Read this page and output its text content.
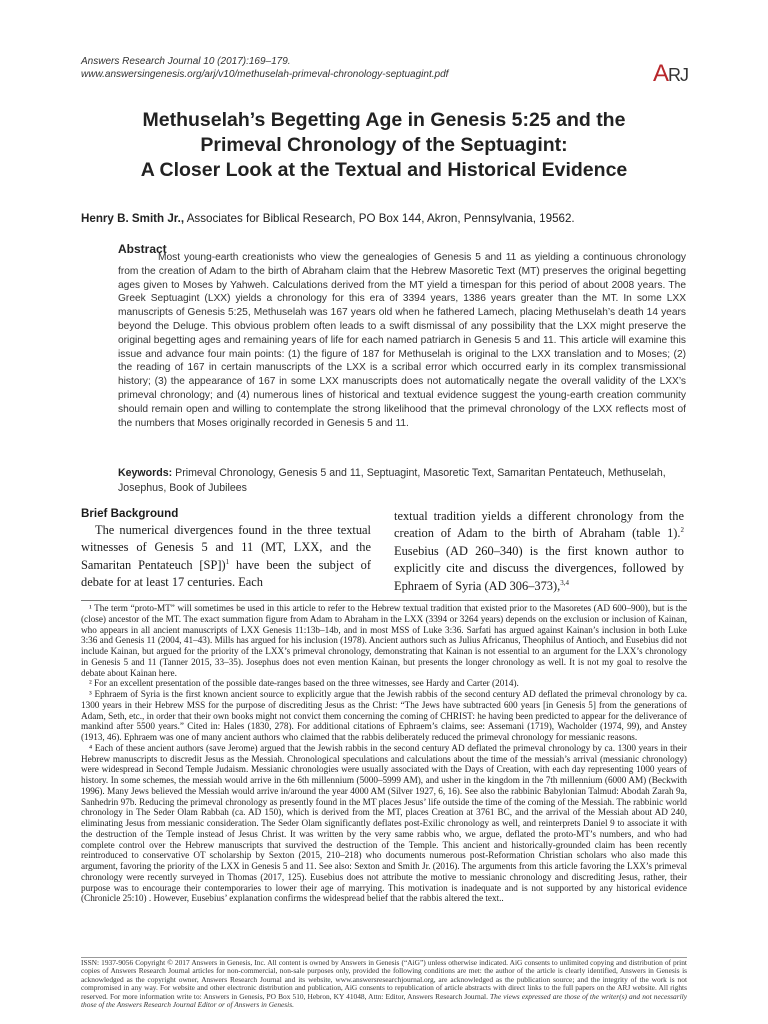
Answers Research Journal 10 (2017):169–179.
www.answersingenesis.org/arj/v10/methuselah-primeval-chronology-septuagint.pdf	ARJ
Methuselah’s Begetting Age in Genesis 5:25 and the
Primeval Chronology of the Septuagint:
A Closer Look at the Textual and Historical Evidence
Henry B. Smith Jr., Associates for Biblical Research, PO Box 144, Akron, Pennsylvania, 19562.
Abstract
Most young-earth creationists who view the genealogies of Genesis 5 and 11 as yielding a continuous chronology from the creation of Adam to the birth of Abraham claim that the Hebrew Masoretic Text (MT) preserves the original begetting ages given to Moses by Yahweh. Calculations derived from the MT yield a timespan for this period of about 2008 years. The Greek Septuagint (LXX) yields a chronology for this era of 3394 years, 1386 years greater than the MT. In some LXX manuscripts of Genesis 5:25, Methuselah was 167 years old when he fathered Lamech, placing Methuselah’s death 14 years beyond the Deluge. This obvious problem often leads to a swift dismissal of any possibility that the LXX might preserve the original begetting ages and remaining years of life for each named patriarch in Genesis 5 and 11. This article will examine this issue and advance four main points: (1) the figure of 187 for Methuselah is original to the LXX translation and to Moses; (2) the reading of 167 in certain manuscripts of the LXX is a scribal error which occurred early in its complex transmissional history; (3) the appearance of 167 in some LXX manuscripts does not automatically negate the overall validity of the LXX’s primeval chronology; and (4) numerous lines of historical and textual evidence suggest the young-earth creation community should remain open and willing to contemplate the strong likelihood that the primeval chronology of the LXX reflects most of the numbers that Moses originally recorded in Genesis 5 and 11.
Keywords: Primeval Chronology, Genesis 5 and 11, Septuagint, Masoretic Text, Samaritan Pentateuch, Methuselah, Josephus, Book of Jubilees
Brief Background

The numerical divergences found in the three textual witnesses of Genesis 5 and 11 (MT, LXX, and the Samaritan Pentateuch [SP])$^1$ have been the subject of debate for at least 17 centuries. Each

textual tradition yields a different chronology from the creation of Adam to the birth of Abraham (table 1).$^2$ Eusebius (AD 260–340) is the first known author to explicitly cite and discuss the divergences, followed by Ephraem of Syria (AD 306–373),$^{3,4}$

¹ The term “proto-MT” will sometimes be used in this article to refer to the Hebrew textual tradition that existed prior to the Masoretes (AD 600–900), but is the (close) ancestor of the MT. The exact summation figure from Adam to Abraham in the LXX (3394 or 3264 years) depends on the exclusion or inclusion of Kainan, who appears in all ancient manuscripts of LXX Genesis 11:13b–14b, and in most MSS of Luke 3:36. Sarfati has argued against Kainan’s inclusion in both Luke 3:36 and Genesis 11 (2004, 41–43). Mills has argued for his inclusion (1978). Ancient authors such as Julius Africanus, Theophilus of Antioch, and Eusebius did not include Kainan, but argued for the priority of the LXX’s primeval chronology, demonstrating that Kainan is not essential to an argument for the LXX’s chronology in Genesis 5 and 11 (Tanner 2015, 33–35). Josephus does not even mention Kainan, but presents the longer chronology as well. It is not my goal to resolve the debate about Kainan here.

² For an excellent presentation of the possible date-ranges based on the three witnesses, see Hardy and Carter (2014).

³ Ephraem of Syria is the first known ancient source to explicitly argue that the Jewish rabbis of the second century AD deflated the primeval chronology by ca. 1300 years in their Hebrew MSS for the purpose of discrediting Jesus as the Christ: “The Jews have subtracted 600 years [in Genesis 5] from the generations of Adam, Seth, etc., in order that their own books might not convict them concerning the coming of CHRIST: he having been predicted to appear for the deliverance of mankind after 5500 years.” Cited in: Hales (1830, 278). For additional citations of Ephraem’s claims, see: Assemani (1719), Wacholder (1974, 99), and Anstey (1913, 46). Ephraem was one of many ancient authors who claimed that the rabbis deliberately reduced the primeval chronology for messianic reasons.

⁴ Each of these ancient authors (save Jerome) argued that the Jewish rabbis in the second century AD deflated the primeval chronology by ca. 1300 years in their Hebrew manuscripts to discredit Jesus as the Messiah. Chronological speculations and calculations about the time of the messiah’s arrival (messianic chronology) were widespread in Second Temple Judaism. Messianic chronologies were usually associated with the Days of Creation, with each day representing 1000 years of history. In some schemes, the messiah would arrive in the 6th millennium (5000–5999 AM), and usher in the kingdom in the 7th millennium (6000 AM) (Beckwith 1996). Many Jews believed the Messiah would arrive in/around the year 4000 AM (Silver 1927, 6, 16). See also the rabbinic Babylonian Talmud: Abodah Zarah 9a, Sanhedrin 97b. Reducing the primeval chronology as presently found in the MT places Jesus’ life outside the time of the coming of the Messiah. The rabbinic world chronology in The Seder Olam Rabbah (ca. AD 150), which is derived from the MT, places Creation at 3761 BC, and the arrival of the Messiah about AD 240, eliminating Jesus from messianic consideration. The Seder Olam significantly deflates post-Exilic chronology as well, and reinterprets Daniel 9 to associate it with the destruction of the Temple instead of Jesus Christ. It was written by the very same rabbis who, we argue, deflated the proto-MT’s numbers, and who had complete control over the Hebrew manuscripts that survived the destruction of the Temple. This ancient and historically-grounded claim has been recently reintroduced to conservative OT scholarship by Sexton (2015, 210–218) who documents numerous post-Reformation Christian scholars who also made this argument, favoring the priority of the LXX in Genesis 5 and 11. See also: Sexton and Smith Jr. (2016). The arguments from this article favoring the LXX’s primeval chronology were recently surveyed in Thomas (2017, 125). Eusebius does not attribute the motive to messianic chronology and discrediting Jesus, rather, their purpose was to encourage their contemporaries to lower their age of marrying. This motivation is inadequate and is not supported by any historical evidence (Chronicle 25:10) . However, Eusebius’ explanation confirms the widespread belief that the rabbis altered the text..

ISSN: 1937-9056 Copyright © 2017 Answers in Genesis, Inc. All content is owned by Answers in Genesis (“AiG”) unless otherwise indicated. AiG consents to unlimited copying and distribution of print copies of Answers Research Journal articles for non-commercial, non-sale purposes only, provided the following conditions are met: the author of the article is clearly identified, Answers in Genesis is acknowledged as the copyright owner, Answers Research Journal and its website, www.answersresearchjournal.org, are acknowledged as the publication source; and the integrity of the work is not compromised in any way. For website and other electronic distribution and publication, AiG consents to republication of article abstracts with direct links to the full papers on the ARJ website. All rights reserved. For more information write to: Answers in Genesis, PO Box 510, Hebron, KY 41048, Attn: Editor, Answers Research Journal. The views expressed are those of the writer(s) and not necessarily those of the Answers Research Journal Editor or of Answers in Genesis.
